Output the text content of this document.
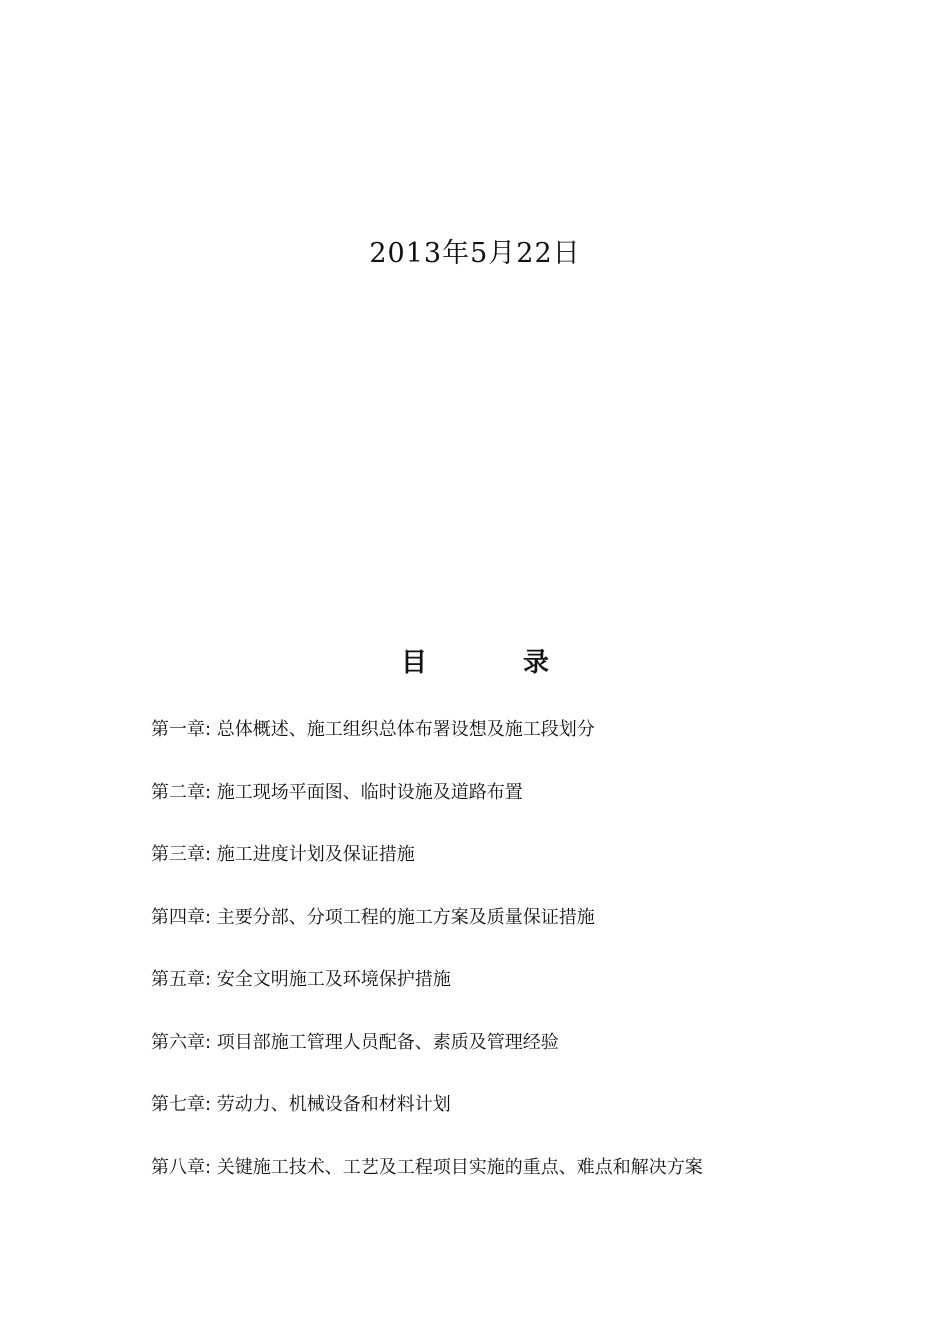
2013年5月22日
目	录
第一章: 总体概述、施工组织总体布署设想及施工段划分
第二章: 施工现场平面图、临时设施及道路布置
第三章: 施工进度计划及保证措施
第四章: 主要分部、分项工程的施工方案及质量保证措施
第五章: 安全文明施工及环境保护措施
第六章: 项目部施工管理人员配备、素质及管理经验
第七章: 劳动力、机械设备和材料计划
第八章: 关键施工技术、工艺及工程项目实施的重点、难点和解决方案
